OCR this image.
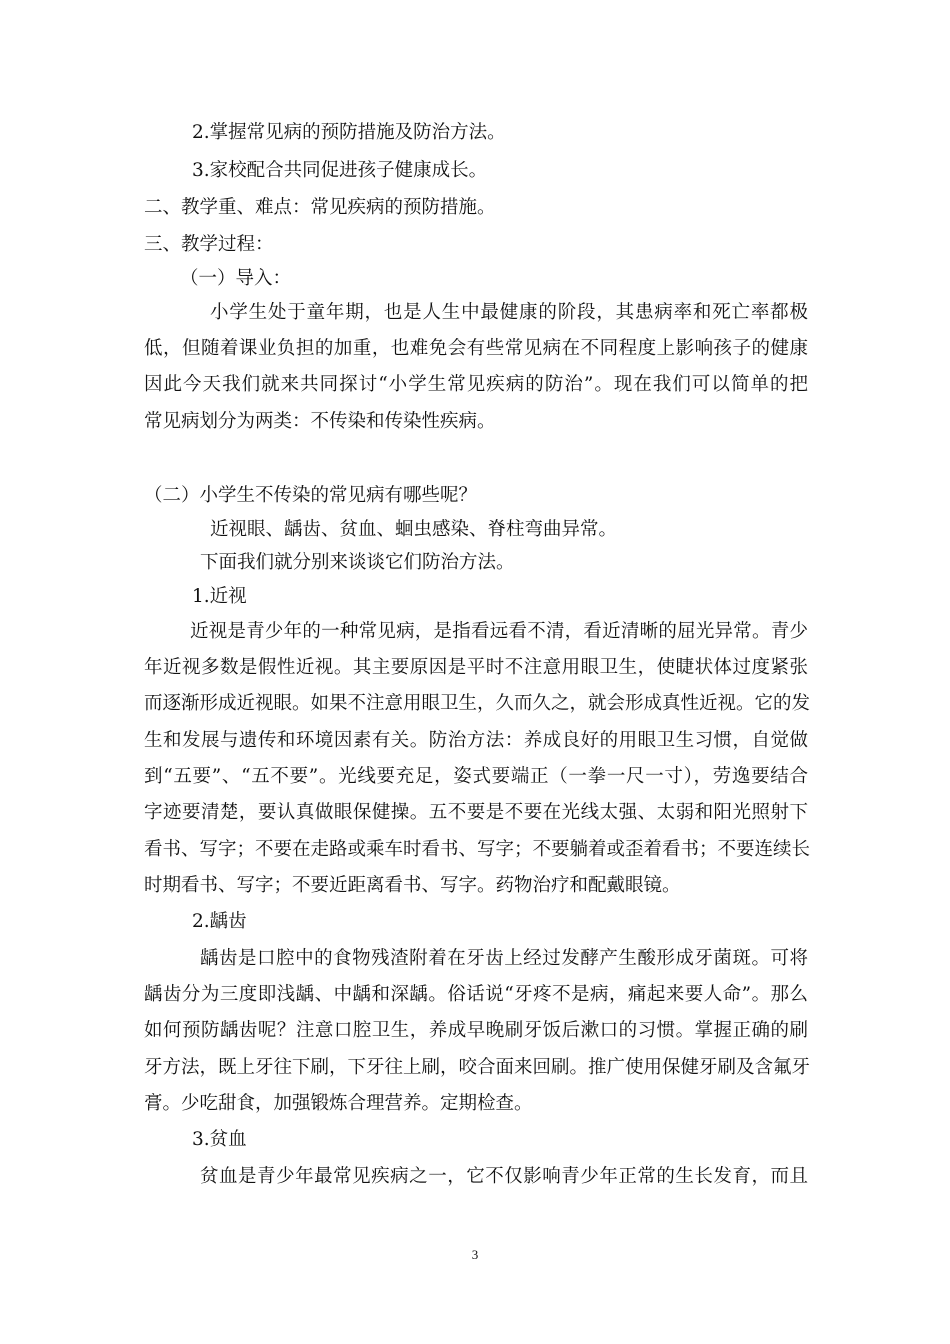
2.掌握常见病的预防措施及防治方法。

3.家校配合共同促进孩子健康成长。

二、教学重、难点：常见疾病的预防措施。

三、教学过程：

（一）导入：

小学生处于童年期，也是人生中最健康的阶段，其患病率和死亡率都极

低，但随着课业负担的加重，也难免会有些常见病在不同程度上影响孩子的健康

因此今天我们就来共同探讨“小学生常见疾病的防治”。现在我们可以简单的把

常见病划分为两类：不传染和传染性疾病。

（二）小学生不传染的常见病有哪些呢？

近视眼、龋齿、贫血、蛔虫感染、脊柱弯曲异常。

下面我们就分别来谈谈它们防治方法。

1.近视

近视是青少年的一种常见病，是指看远看不清，看近清晰的屈光异常。青少

年近视多数是假性近视。其主要原因是平时不注意用眼卫生，使睫状体过度紧张

而逐渐形成近视眼。如果不注意用眼卫生，久而久之，就会形成真性近视。它的发

生和发展与遗传和环境因素有关。防治方法：养成良好的用眼卫生习惯，自觉做

到“五要”、“五不要”。光线要充足，姿式要端正（一拳一尺一寸），劳逸要结合

字迹要清楚，要认真做眼保健操。五不要是不要在光线太强、太弱和阳光照射下

看书、写字；不要在走路或乘车时看书、写字；不要躺着或歪着看书；不要连续长

时期看书、写字；不要近距离看书、写字。药物治疗和配戴眼镜。

2.龋齿

龋齿是口腔中的食物残渣附着在牙齿上经过发酵产生酸形成牙菌斑。可将

龋齿分为三度即浅龋、中龋和深龋。俗话说“牙疼不是病，痛起来要人命”。那么

如何预防龋齿呢？注意口腔卫生，养成早晚刷牙饭后漱口的习惯。掌握正确的刷

牙方法，既上牙往下刷，下牙往上刷，咬合面来回刷。推广使用保健牙刷及含氟牙

膏。少吃甜食，加强锻炼合理营养。定期检查。

3.贫血

贫血是青少年最常见疾病之一，它不仅影响青少年正常的生长发育，而且

3
